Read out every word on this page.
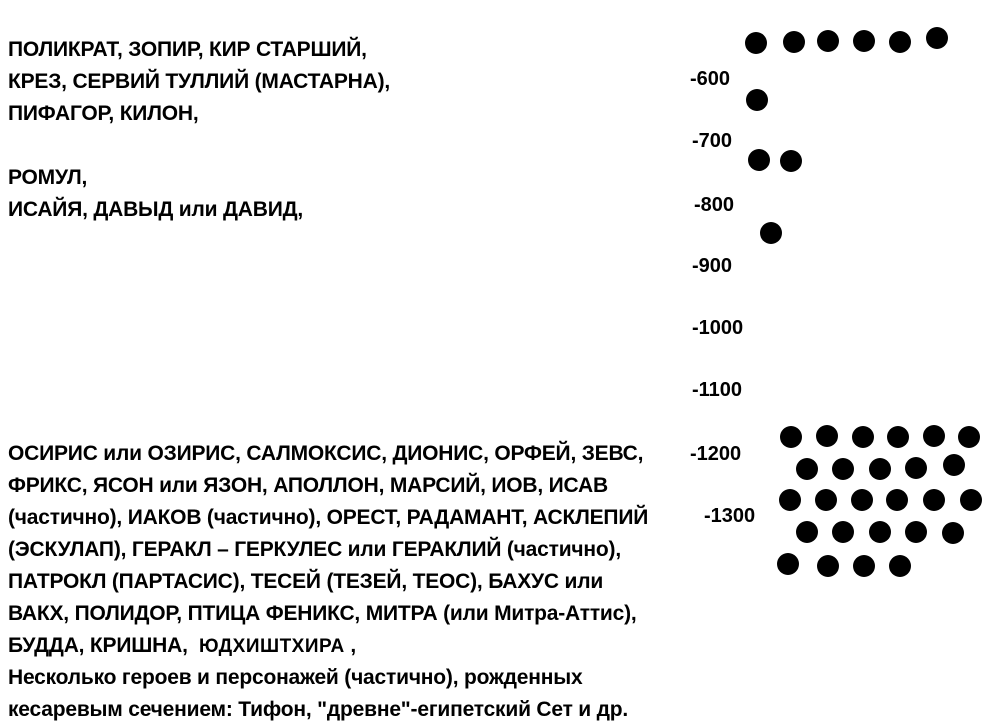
ПОЛИКРАТ, ЗОПИР, КИР СТАРШИЙ,
КРЕЗ, СЕРВИЙ ТУЛЛИЙ (МАСТАРНА),
ПИФАГОР, КИЛОН,
РОМУЛ,
ИСАЙЯ, ДАВЫД или ДАВИД,
ОСИРИС или ОЗИРИС, САЛМОКСИС, ДИОНИС, ОРФЕЙ, ЗЕВС,
ФРИКС, ЯСОН или ЯЗОН, АПОЛЛОН, МАРСИЙ, ИОВ, ИСАВ
(частично), ИАКОВ (частично), ОРЕСТ, РАДАМАНТ, АСКЛЕПИЙ
(ЭСКУЛАП), ГЕРАКЛ – ГЕРКУЛЕС или ГЕРАКЛИЙ (частично),
ПАТРОКЛ (ПАРТАСИС), ТЕСЕЙ (ТЕЗЕЙ, ТЕОС), БАХУС или
ВАКХ, ПОЛИДОР, ПТИЦА ФЕНИКС, МИТРА (или Митра-Аттис),
БУДДА, КРИШНА,  ЮДХИШТХИРА ,
Несколько героев и персонажей (частично), рожденных
кесаревым сечением: Тифон, "древне"-египетский Сет и др.
-600
-700
-800
-900
-1000
-1100
-1200
-1300
